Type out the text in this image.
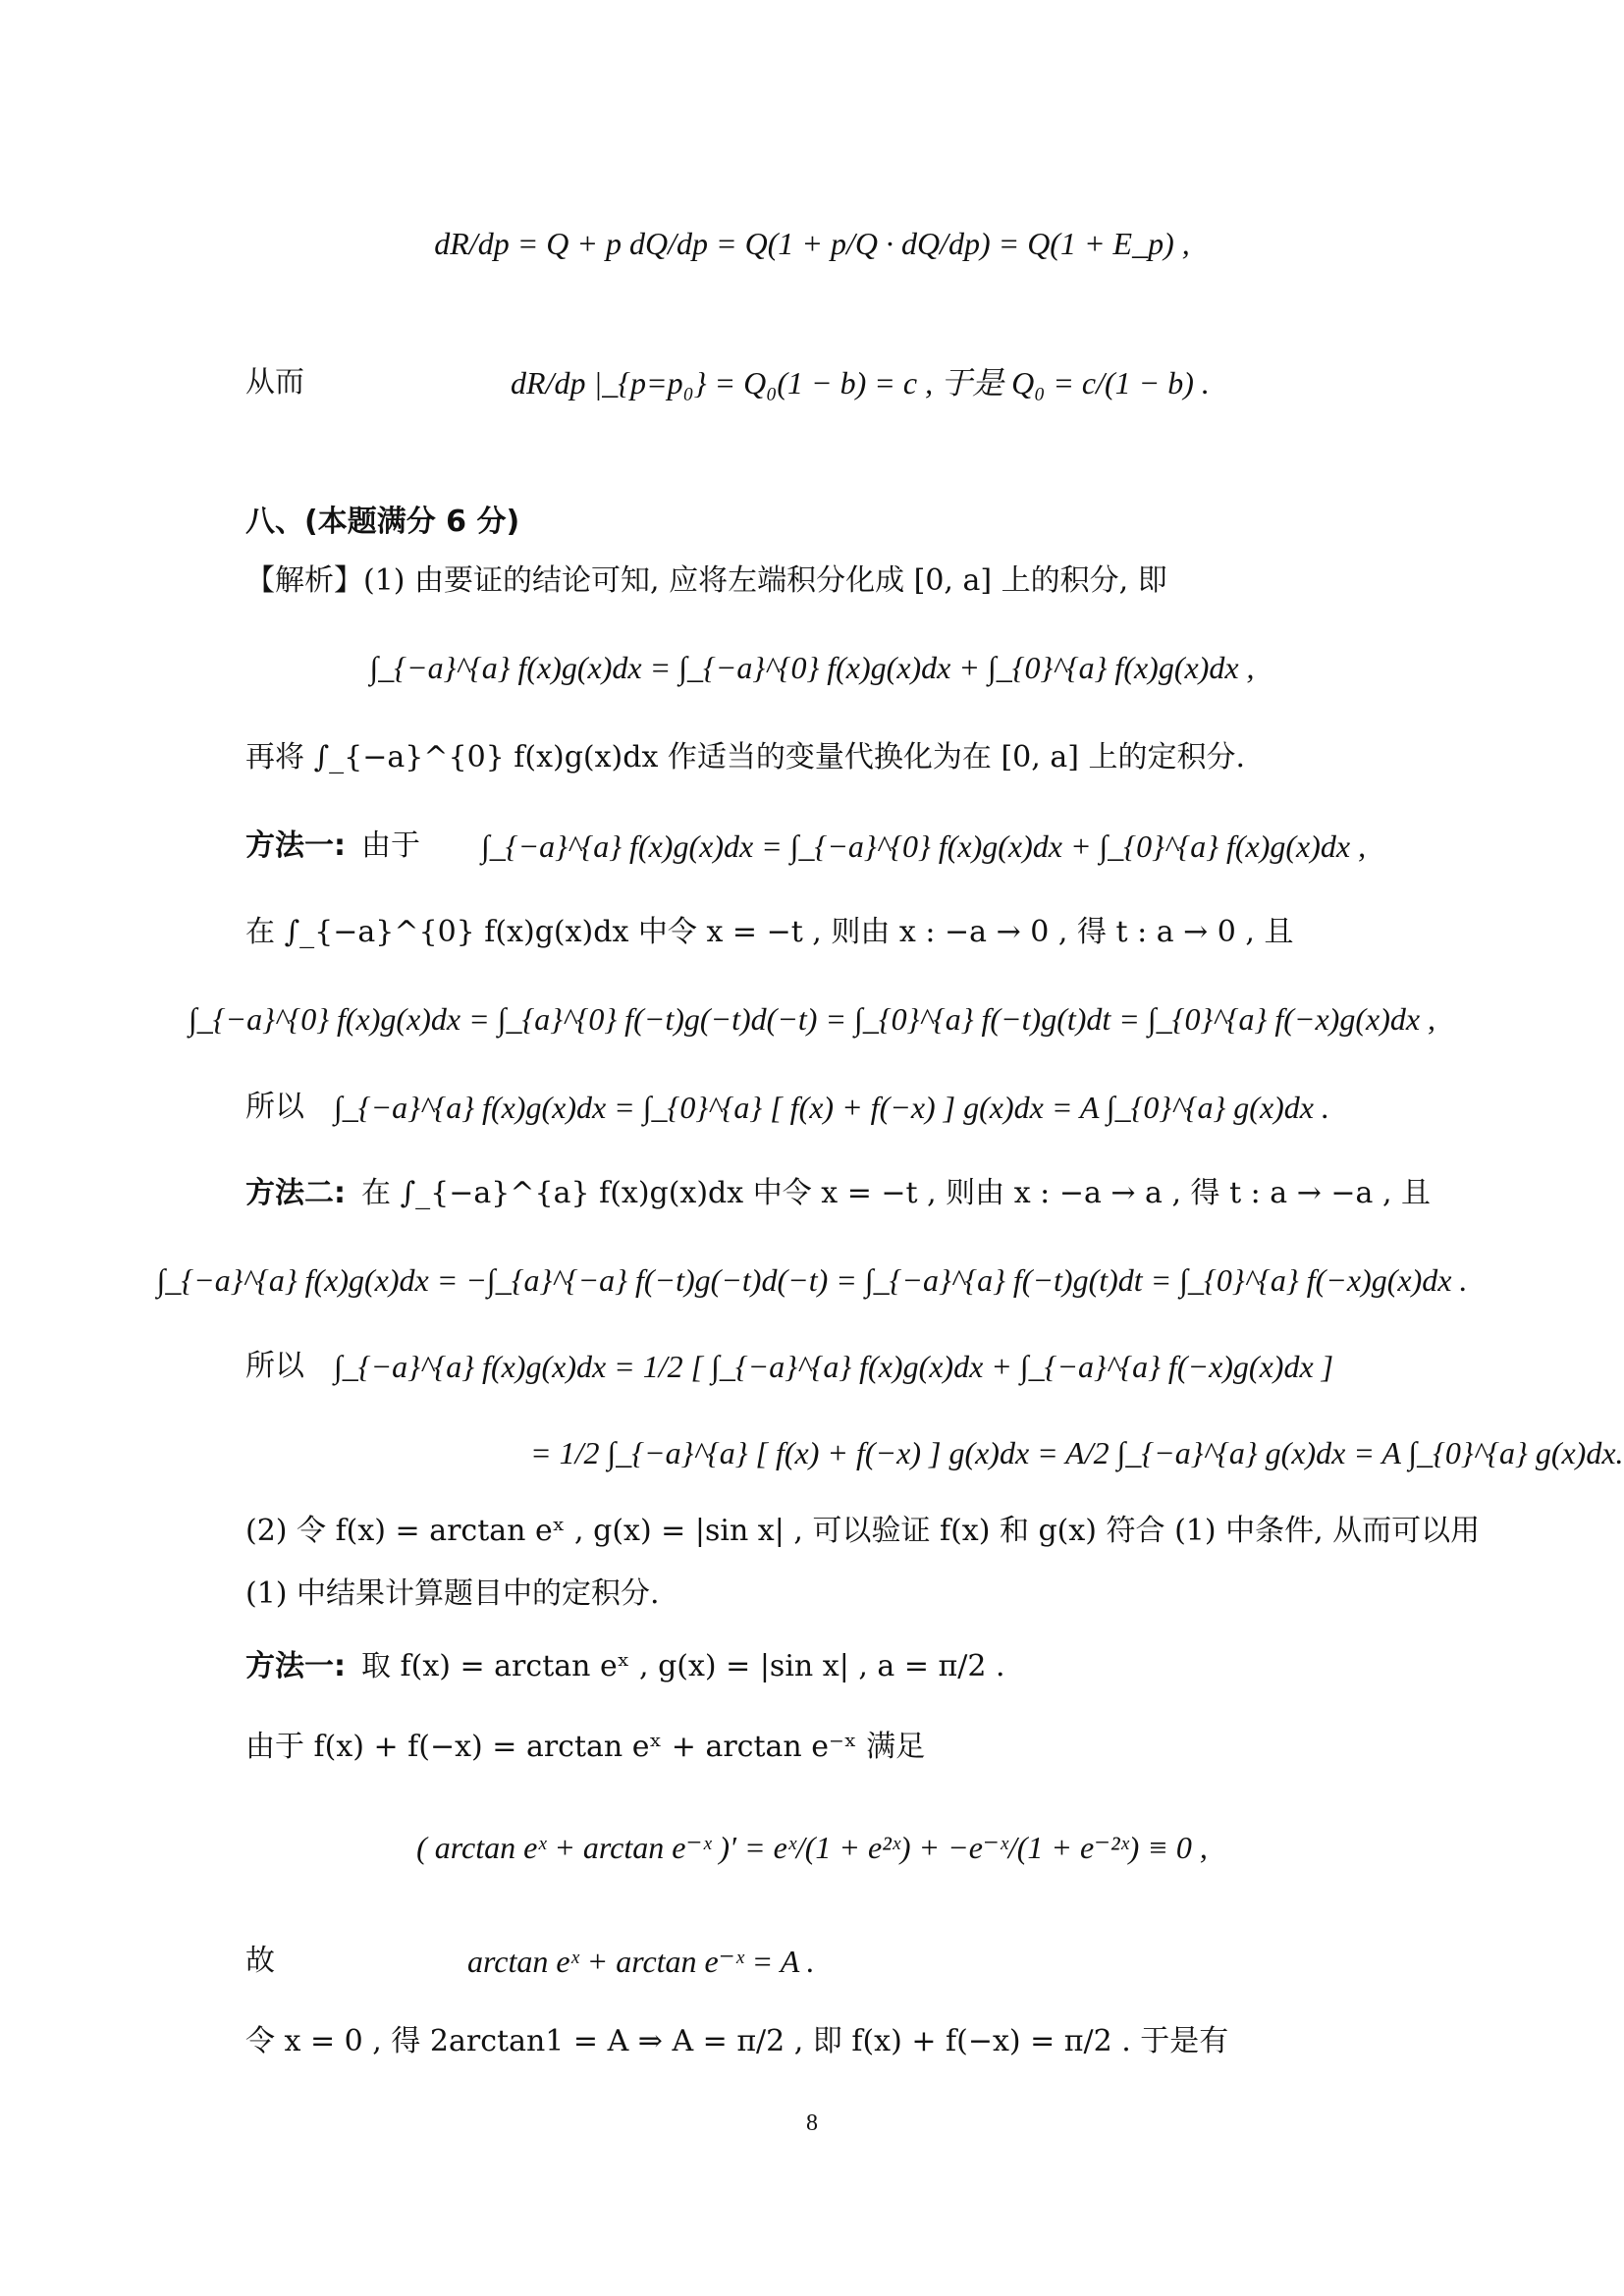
dR/dp = Q + p dQ/dp = Q(1 + p/Q · dQ/dp) = Q(1 + E_p) ,
从而	dR/dp |_{p=p₀} = Q₀(1 − b) = c , 于是 Q₀ = c/(1 − b) .
八、(本题满分 6 分)
【解析】(1) 由要证的结论可知, 应将左端积分化成 [0, a] 上的积分, 即
∫_{−a}^{a} f(x)g(x)dx = ∫_{−a}^{0} f(x)g(x)dx + ∫_{0}^{a} f(x)g(x)dx ,
再将 ∫_{−a}^{0} f(x)g(x)dx 作适当的变量代换化为在 [0, a] 上的定积分.
方法一: 由于 ∫_{−a}^{a} f(x)g(x)dx = ∫_{−a}^{0} f(x)g(x)dx + ∫_{0}^{a} f(x)g(x)dx ,
在 ∫_{−a}^{0} f(x)g(x)dx 中令 x = −t , 则由 x : −a → 0 , 得 t : a → 0 , 且
∫_{−a}^{0} f(x)g(x)dx = ∫_{a}^{0} f(−t)g(−t)d(−t) = ∫_{0}^{a} f(−t)g(t)dt = ∫_{0}^{a} f(−x)g(x)dx ,
所以 ∫_{−a}^{a} f(x)g(x)dx = ∫_{0}^{a} [ f(x) + f(−x) ] g(x)dx = A ∫_{0}^{a} g(x)dx .
方法二: 在 ∫_{−a}^{a} f(x)g(x)dx 中令 x = −t , 则由 x : −a → a , 得 t : a → −a , 且
∫_{−a}^{a} f(x)g(x)dx = −∫_{a}^{−a} f(−t)g(−t)d(−t) = ∫_{−a}^{a} f(−t)g(t)dt = ∫_{0}^{a} f(−x)g(x)dx .
所以 ∫_{−a}^{a} f(x)g(x)dx = 1/2 [ ∫_{−a}^{a} f(x)g(x)dx + ∫_{−a}^{a} f(−x)g(x)dx ]
= 1/2 ∫_{−a}^{a} [ f(x) + f(−x) ] g(x)dx = A/2 ∫_{−a}^{a} g(x)dx = A ∫_{0}^{a} g(x)dx.
(2) 令 f(x) = arctan eˣ , g(x) = |sin x| , 可以验证 f(x) 和 g(x) 符合 (1) 中条件, 从而可以用
(1) 中结果计算题目中的定积分.
方法一: 取 f(x) = arctan eˣ , g(x) = |sin x| , a = π/2 .
由于 f(x) + f(−x) = arctan eˣ + arctan e⁻ˣ 满足
( arctan eˣ + arctan e⁻ˣ )′ = eˣ/(1 + e²ˣ) + −e⁻ˣ/(1 + e⁻²ˣ) ≡ 0 ,
故	arctan eˣ + arctan e⁻ˣ = A .
令 x = 0 , 得 2arctan1 = A ⇒ A = π/2 , 即 f(x) + f(−x) = π/2 . 于是有
8
